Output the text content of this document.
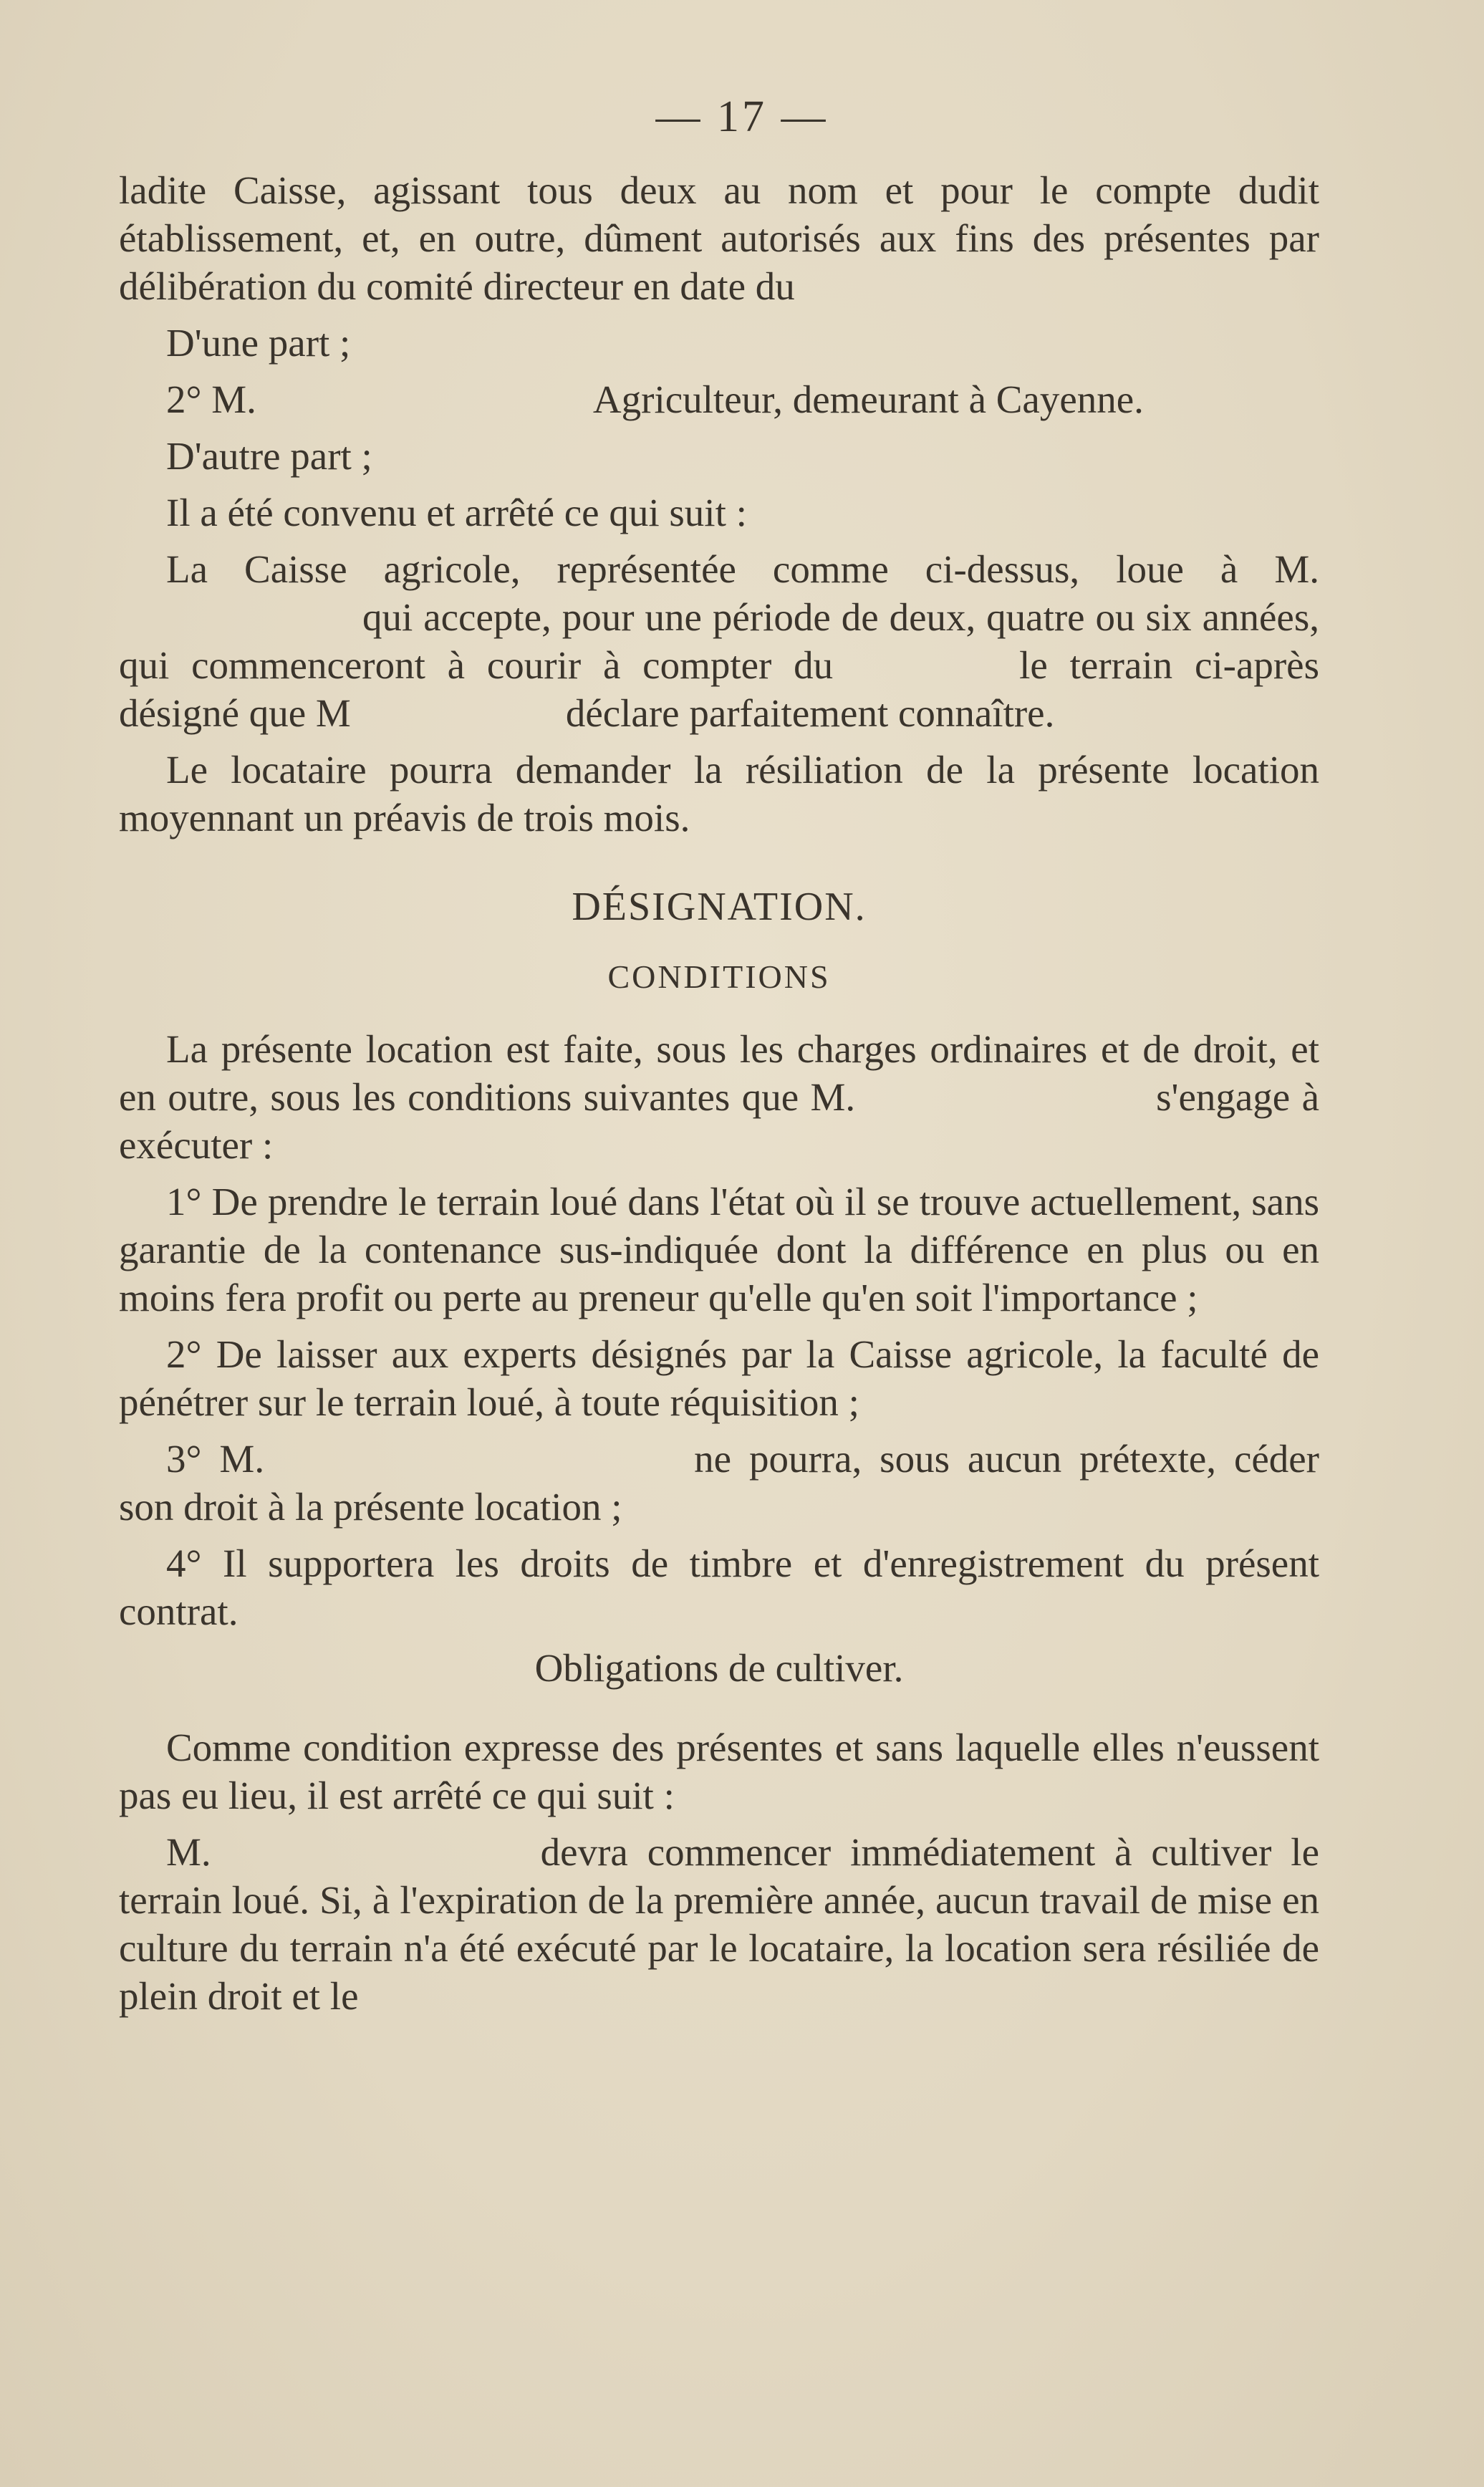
— 17 —

ladite Caisse, agissant tous deux au nom et pour le compte dudit établissement, et, en outre, dûment autorisés aux fins des présentes par délibération du comité directeur en date du

D'une part ;

2° M.	Agriculteur, demeurant à Cayenne.

D'autre part ;

Il a été convenu et arrêté ce qui suit :

La Caisse agricole, représentée comme ci-dessus, loue à M.qui accepte, pour une période de deux, quatre ou six années, qui commenceront à courir à compter du	le terrain ci-après désigné que M	déclare parfaitement connaître.

Le locataire pourra demander la résiliation de la présente location moyennant un préavis de trois mois.

DÉSIGNATION.

CONDITIONS

La présente location est faite, sous les charges ordinaires et de droit, et en outre, sous les conditions suivantes que M.	s'engage à exécuter :

1° De prendre le terrain loué dans l'état où il se trouve actuellement, sans garantie de la contenance sus-indiquée dont la différence en plus ou en moins fera profit ou perte au preneur qu'elle qu'en soit l'importance ;

2° De laisser aux experts désignés par la Caisse agricole, la faculté de pénétrer sur le terrain loué, à toute réquisition ;

3° M.	ne pourra, sous aucun prétexte, céder son droit à la présente location ;

4° Il supportera les droits de timbre et d'enregistrement du présent contrat.

Obligations de cultiver.

Comme condition expresse des présentes et sans laquelle elles n'eussent pas eu lieu, il est arrêté ce qui suit :

M.	devra commencer immédiatement à cultiver le terrain loué. Si, à l'expiration de la première année, aucun travail de mise en culture du terrain n'a été exécuté par le locataire, la location sera résiliée de plein droit et le
